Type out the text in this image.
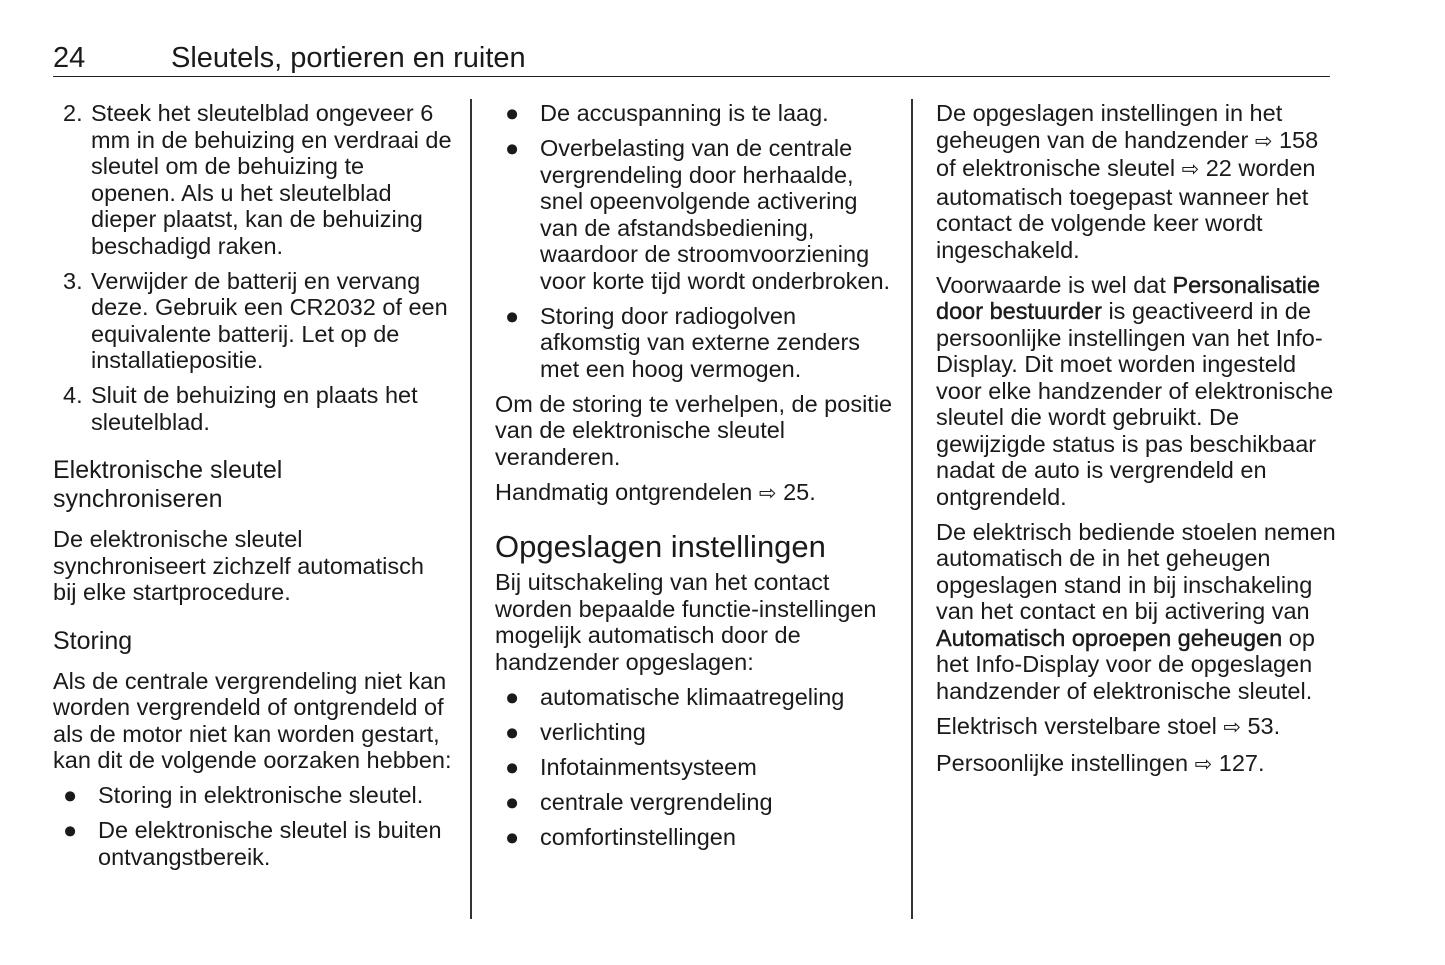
24	Sleutels, portieren en ruiten
2. Steek het sleutelblad ongeveer 6 mm in de behuizing en verdraai de sleutel om de behuizing te openen. Als u het sleutelblad dieper plaatst, kan de behuizing beschadigd raken.
3. Verwijder de batterij en vervang deze. Gebruik een CR2032 of een equivalente batterij. Let op de installatiepositie.
4. Sluit de behuizing en plaats het sleutelblad.
Elektronische sleutel synchroniseren

De elektronische sleutel synchroniseert zichzelf automatisch bij elke startprocedure.

Storing

Als de centrale vergrendeling niet kan worden vergrendeld of ontgrendeld of als de motor niet kan worden gestart, kan dit de volgende oorzaken hebben:

● Storing in elektronische sleutel.
● De elektronische sleutel is buiten ontvangstbereik.
● De accuspanning is te laag.
● Overbelasting van de centrale vergrendeling door herhaalde, snel opeenvolgende activering van de afstandsbediening, waardoor de stroomvoorziening voor korte tijd wordt onderbroken.
● Storing door radiogolven afkomstig van externe zenders met een hoog vermogen.

Om de storing te verhelpen, de positie van de elektronische sleutel veranderen.

Handmatig ontgrendelen ⇨ 25.

Opgeslagen instellingen

Bij uitschakeling van het contact worden bepaalde functie-instellingen mogelijk automatisch door de handzender opgeslagen:

● automatische klimaatregeling
● verlichting
● Infotainmentsysteem
● centrale vergrendeling
● comfortinstellingen

De opgeslagen instellingen in het geheugen van de handzender ⇨ 158 of elektronische sleutel ⇨ 22 worden automatisch toegepast wanneer het contact de volgende keer wordt ingeschakeld.

Voorwaarde is wel dat Personalisatie door bestuurder is geactiveerd in de persoonlijke instellingen van het Info-Display. Dit moet worden ingesteld voor elke handzender of elektronische sleutel die wordt gebruikt. De gewijzigde status is pas beschikbaar nadat de auto is vergrendeld en ontgrendeld.

De elektrisch bediende stoelen nemen automatisch de in het geheugen opgeslagen stand in bij inschakeling van het contact en bij activering van Automatisch oproepen geheugen op het Info-Display voor de opgeslagen handzender of elektronische sleutel.

Elektrisch verstelbare stoel ⇨ 53.

Persoonlijke instellingen ⇨ 127.
